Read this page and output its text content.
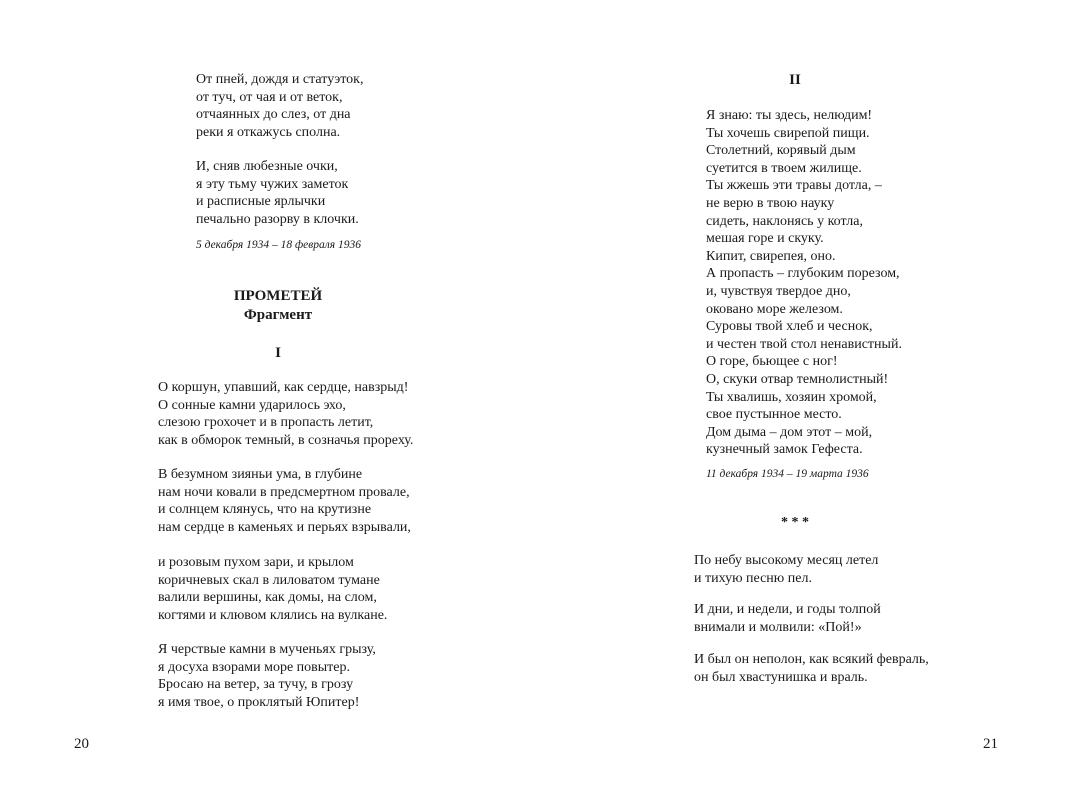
От пней, дождя и статуэток,
от туч, от чая и от веток,
отчаянных до слез, от дна
реки я откажусь сполна.
И, сняв любезные очки,
я эту тьму чужих заметок
и расписные ярлычки
печально разорву в клочки.
5 декабря 1934 – 18 февраля 1936
ПРОМЕТЕЙ
Фрагмент
I
О коршун, упавший, как сердце, навзрыд!
О сонные камни ударилось эхо,
слезою грохочет и в пропасть летит,
как в обморок темный, в созначья прореху.
В безумном зияньи ума, в глубине
нам ночи ковали в предсмертном провале,
и солнцем клянусь, что на крутизне
нам сердце в каменьях и перьях взрывали,
и розовым пухом зари, и крылом
коричневых скал в лиловатом тумане
валили вершины, как домы, на слом,
когтями и клювом клялись на вулкане.
Я черствые камни в мученьях грызу,
я досуха взорами море повытер.
Бросаю на ветер, за тучу, в грозу
я имя твое, о проклятый Юпитер!
20
II
Я знаю: ты здесь, нелюдим!
Ты хочешь свирепой пищи.
Столетний, корявый дым
суетится в твоем жилище.
Ты жжешь эти травы дотла, –
не верю в твою науку
сидеть, наклонясь у котла,
мешая горе и скуку.
Кипит, свирепея, оно.
А пропасть – глубоким порезом,
и, чувствуя твердое дно,
оковано море железом.
Суровы твой хлеб и чеснок,
и честен твой стол ненавистный.
О горе, бьющее с ног!
О, скуки отвар темнолистный!
Ты хвалишь, хозяин хромой,
свое пустынное место.
Дом дыма – дом этот – мой,
кузнечный замок Гефеста.
11 декабря 1934 – 19 марта 1936
* * *
По небу высокому месяц летел
и тихую песню пел.
И дни, и недели, и годы толпой
внимали и молвили: «Пой!»
И был он неполон, как всякий февраль,
он был хвастунишка и враль.
21
